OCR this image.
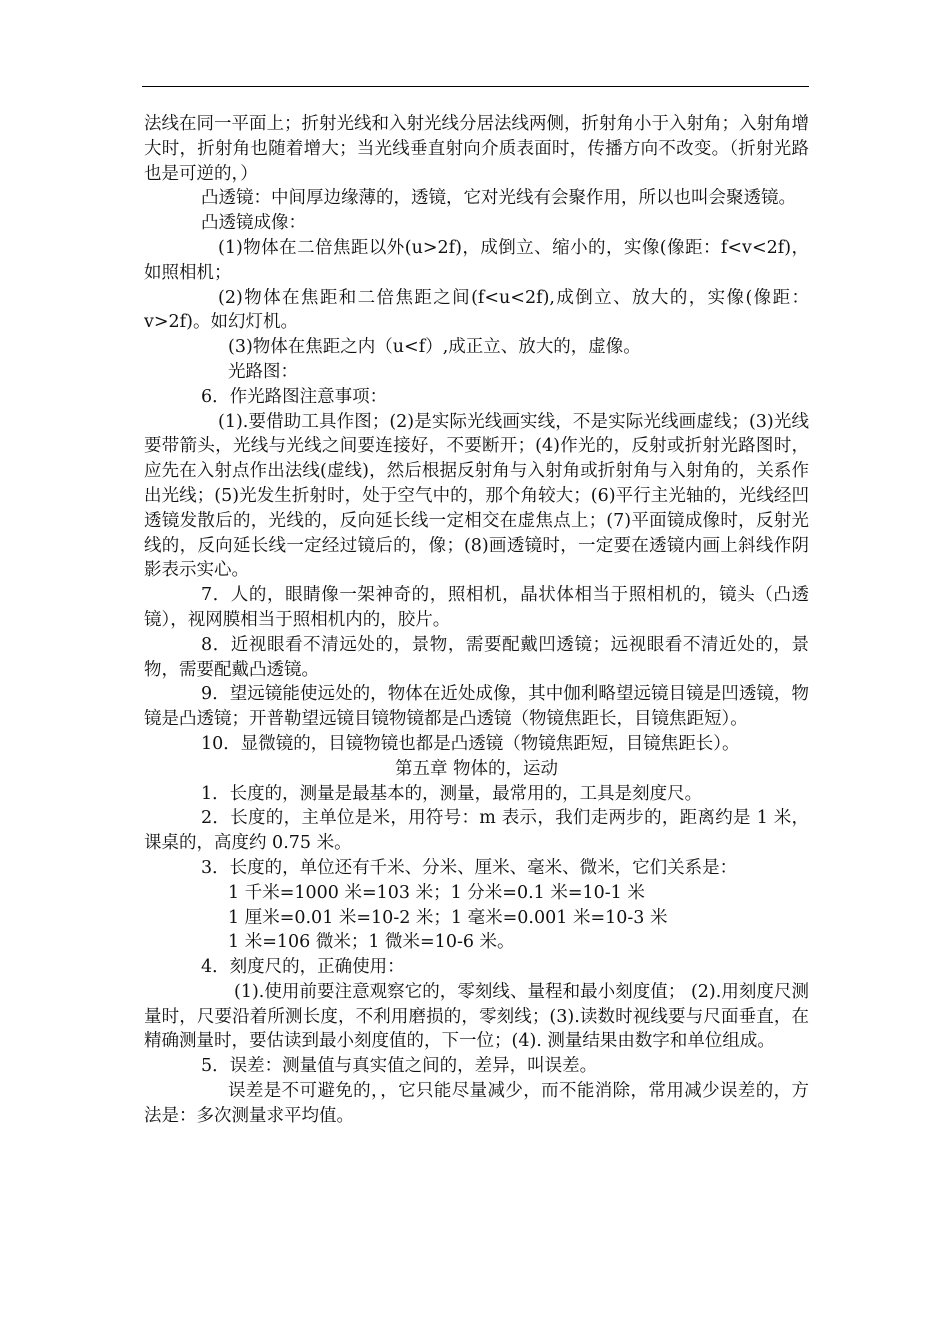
法线在同一平面上；折射光线和入射光线分居法线两侧，折射角小于入射角；入射角增大时，折射角也随着增大；当光线垂直射向介质表面时，传播方向不改变。（折射光路也是可逆的，）

凸透镜：中间厚边缘薄的，透镜，它对光线有会聚作用，所以也叫会聚透镜。

凸透镜成像：

(1)物体在二倍焦距以外(u>2f)，成倒立、缩小的，实像(像距：f<v<2f)，如照相机；

(2)物体在焦距和二倍焦距之间(f<u<2f),成倒立、放大的，实像(像距：v>2f)。如幻灯机。

(3)物体在焦距之内（u<f）,成正立、放大的，虚像。

光路图：

6．作光路图注意事项：

(1).要借助工具作图；(2)是实际光线画实线，不是实际光线画虚线；(3)光线要带箭头，光线与光线之间要连接好，不要断开；(4)作光的，反射或折射光路图时，应先在入射点作出法线(虚线)，然后根据反射角与入射角或折射角与入射角的，关系作出光线；(5)光发生折射时，处于空气中的，那个角较大；(6)平行主光轴的，光线经凹透镜发散后的，光线的，反向延长线一定相交在虚焦点上；(7)平面镜成像时，反射光线的，反向延长线一定经过镜后的，像；(8)画透镜时，一定要在透镜内画上斜线作阴影表示实心。

7．人的，眼睛像一架神奇的，照相机，晶状体相当于照相机的，镜头（凸透镜），视网膜相当于照相机内的，胶片。

8．近视眼看不清远处的，景物，需要配戴凹透镜；远视眼看不清近处的，景物，需要配戴凸透镜。

9．望远镜能使远处的，物体在近处成像，其中伽利略望远镜目镜是凹透镜，物镜是凸透镜；开普勒望远镜目镜物镜都是凸透镜（物镜焦距长，目镜焦距短）。

10．显微镜的，目镜物镜也都是凸透镜（物镜焦距短，目镜焦距长）。

第五章 物体的，运动

1．长度的，测量是最基本的，测量，最常用的，工具是刻度尺。

2．长度的，主单位是米，用符号：m 表示，我们走两步的，距离约是 1 米，课桌的，高度约 0.75 米。

3．长度的，单位还有千米、分米、厘米、毫米、微米，它们关系是：

1 千米=1000 米=103 米；1 分米=0.1 米=10-1 米

1 厘米=0.01 米=10-2 米；1 毫米=0.001 米=10-3 米

1 米=106 微米；1 微米=10-6 米。

4．刻度尺的，正确使用：

(1).使用前要注意观察它的，零刻线、量程和最小刻度值； (2).用刻度尺测量时，尺要沿着所测长度，不利用磨损的，零刻线；(3).读数时视线要与尺面垂直，在精确测量时，要估读到最小刻度值的，下一位；(4). 测量结果由数字和单位组成。

5．误差：测量值与真实值之间的，差异，叫误差。

误差是不可避免的，，它只能尽量减少，而不能消除，常用减少误差的，方法是：多次测量求平均值。
